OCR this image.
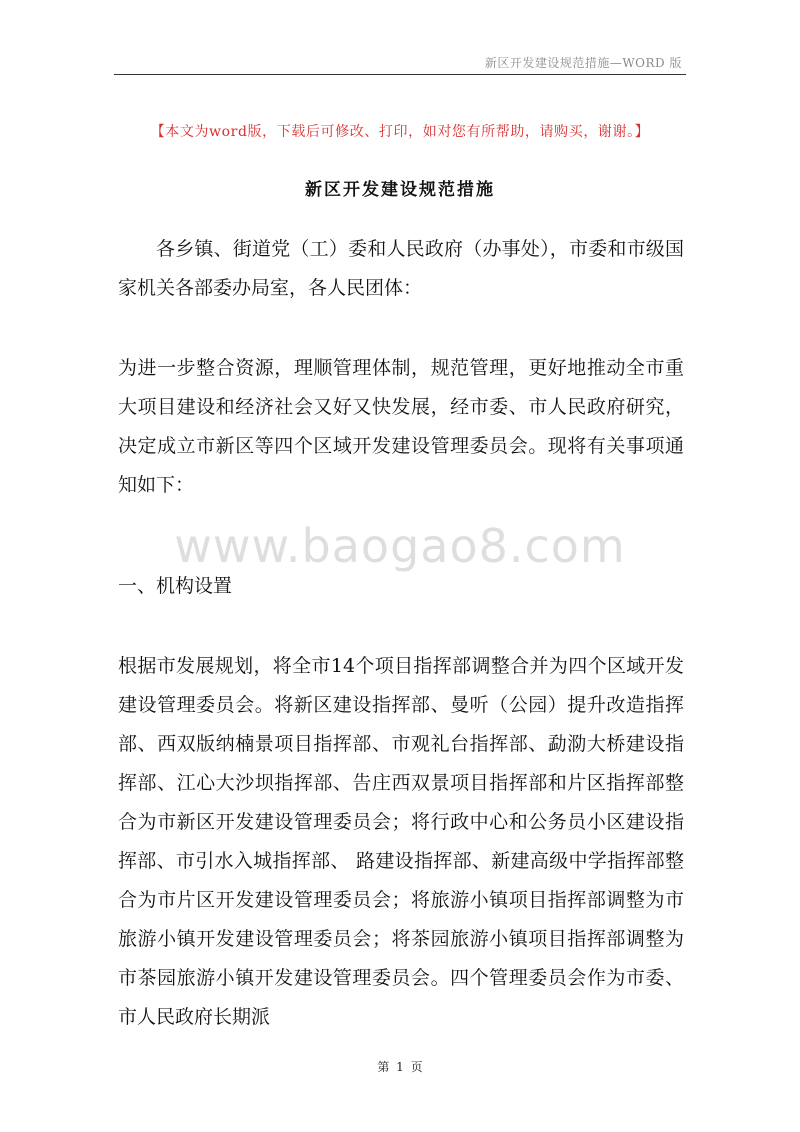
新区开发建设规范措施—WORD 版
【本文为word版，下载后可修改、打印，如对您有所帮助，请购买，谢谢。】
新区开发建设规范措施

各乡镇、街道党（工）委和人民政府（办事处），市委和市级国家机关各部委办局室，各人民团体：

为进一步整合资源，理顺管理体制，规范管理，更好地推动全市重大项目建设和经济社会又好又快发展，经市委、市人民政府研究，决定成立市新区等四个区域开发建设管理委员会。现将有关事项通知如下：

www.baogao8.com

一、机构设置

根据市发展规划，将全市14个项目指挥部调整合并为四个区域开发建设管理委员会。将新区建设指挥部、曼听（公园）提升改造指挥部、西双版纳楠景项目指挥部、市观礼台指挥部、勐泐大桥建设指挥部、江心大沙坝指挥部、告庄西双景项目指挥部和片区指挥部整合为市新区开发建设管理委员会；将行政中心和公务员小区建设指挥部、市引水入城指挥部、 路建设指挥部、新建高级中学指挥部整合为市片区开发建设管理委员会；将旅游小镇项目指挥部调整为市旅游小镇开发建设管理委员会；将茶园旅游小镇项目指挥部调整为市茶园旅游小镇开发建设管理委员会。四个管理委员会作为市委、市人民政府长期派

第 1 页
